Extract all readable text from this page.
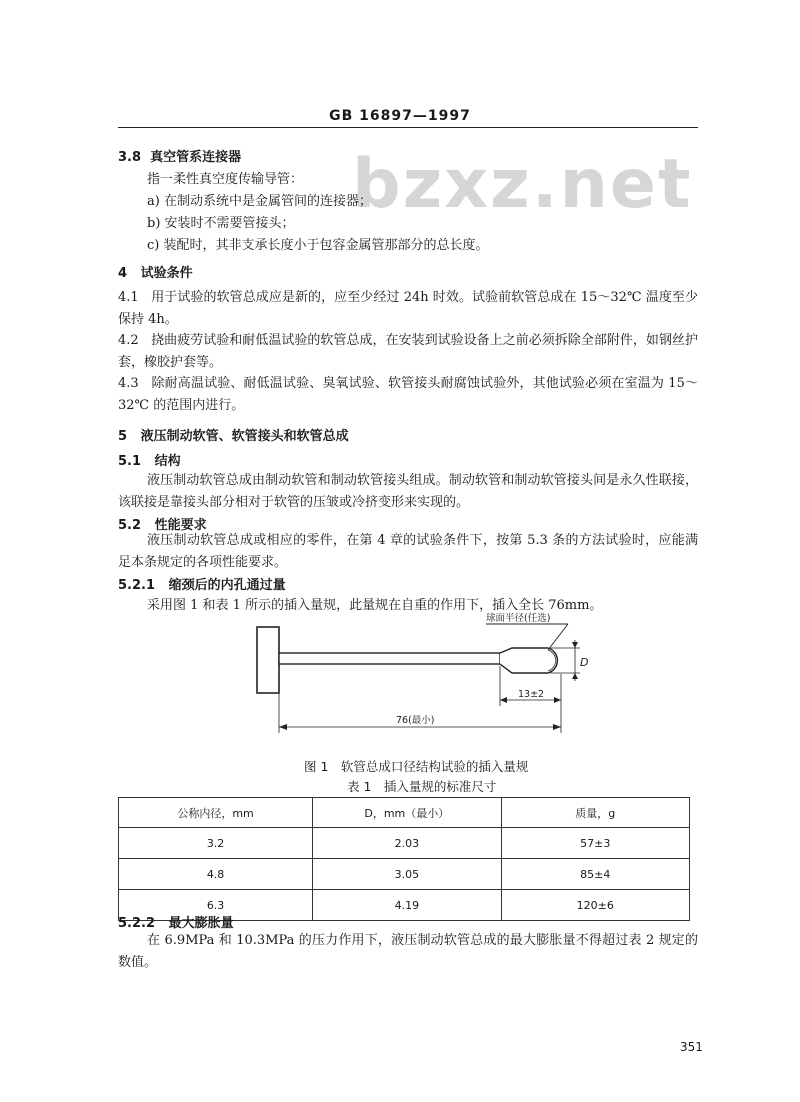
bzxz.net
GB 16897—1997
3.8 真空管系连接器
指一柔性真空度传输导管：
a) 在制动系统中是金属管间的连接器；
b) 安装时不需要管接头；
c) 装配时，其非支承长度小于包容金属管那部分的总长度。
4 试验条件
4.1 用于试验的软管总成应是新的，应至少经过 24h 时效。试验前软管总成在 15～32℃ 温度至少保持 4h。
4.2 挠曲疲劳试验和耐低温试验的软管总成，在安装到试验设备上之前必须拆除全部附件，如钢丝护套，橡胶护套等。
4.3 除耐高温试验、耐低温试验、臭氧试验、软管接头耐腐蚀试验外，其他试验必须在室温为 15～32℃ 的范围内进行。
5 液压制动软管、软管接头和软管总成
5.1 结构
液压制动软管总成由制动软管和制动软管接头组成。制动软管和制动软管接头间是永久性联接，该联接是靠接头部分相对于软管的压皱或冷挤变形来实现的。
5.2 性能要求
液压制动软管总成或相应的零件，在第 4 章的试验条件下，按第 5.3 条的方法试验时，应能满足本条规定的各项性能要求。
5.2.1 缩颈后的内孔通过量
采用图 1 和表 1 所示的插入量规，此量规在自重的作用下，插入全长 76mm。
球面半径(任选)
D
13±2
76(最小)
图 1　软管总成口径结构试验的插入量规
表 1　插入量规的标准尺寸
公称内径，mm	D，mm（最小）	质量，g
3.2	2.03	57±3
4.8	3.05	85±4
6.3	4.19	120±6
5.2.2 最大膨胀量
在 6.9MPa 和 10.3MPa 的压力作用下，液压制动软管总成的最大膨胀量不得超过表 2 规定的数值。
351
